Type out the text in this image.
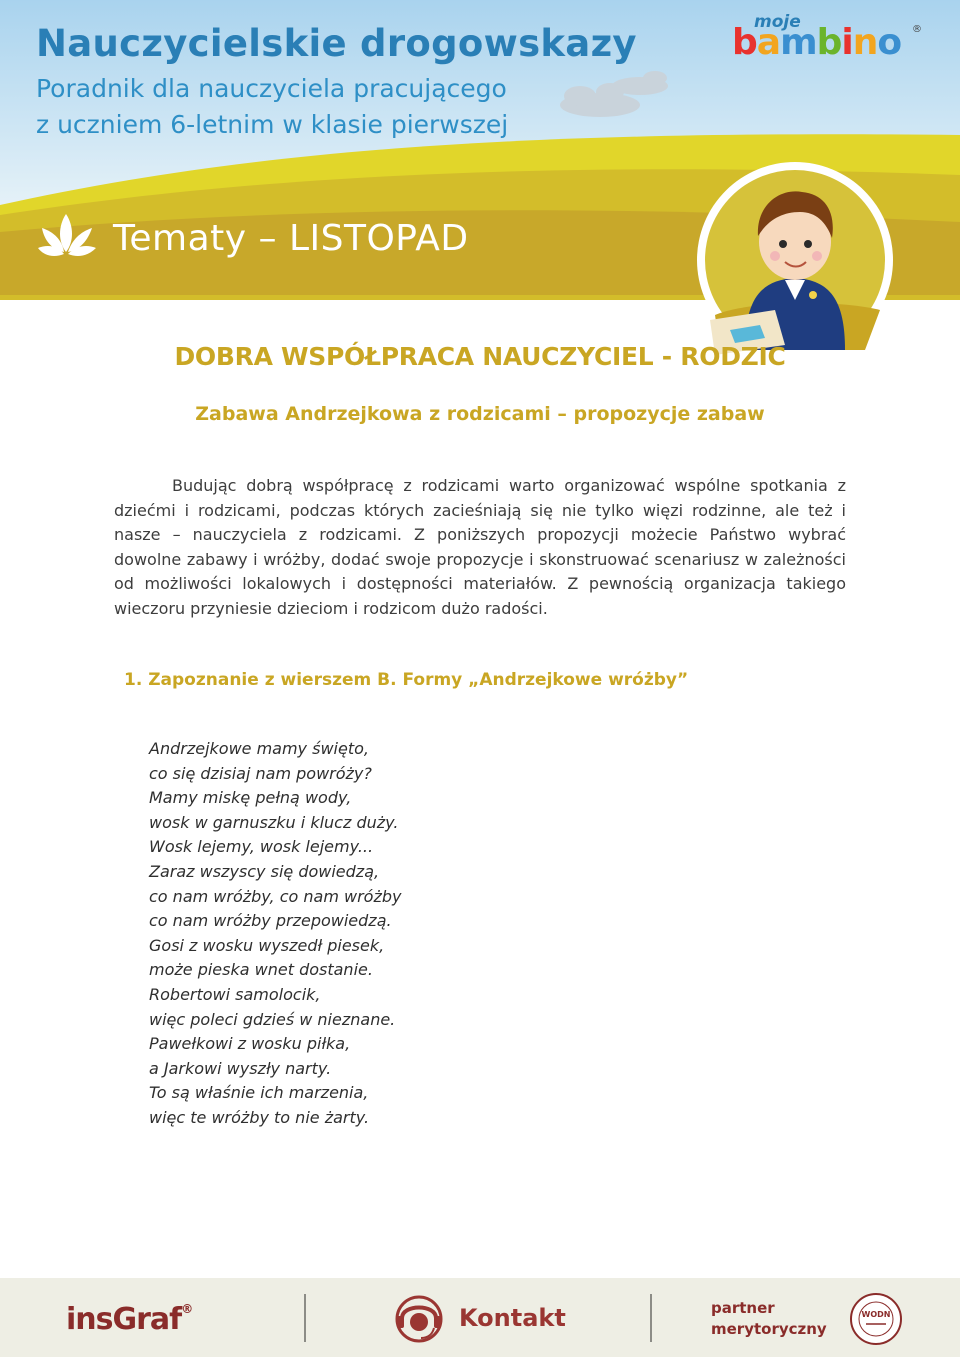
Nauczycielskie drogowskazy
Poradnik dla nauczyciela pracującego
z uczniem 6-letnim w klasie pierwszej
Tematy – LISTOPAD
moje
bambino ®
DOBRA WSPÓŁPRACA NAUCZYCIEL - RODZIC
Zabawa Andrzejkowa z rodzicami – propozycje zabaw

Budując dobrą współpracę z rodzicami warto organizować wspólne spotkania z dziećmi i rodzicami, podczas których zacieśniają się nie tylko więzi rodzinne, ale też i nasze – nauczyciela z rodzicami. Z poniższych propozycji możecie Państwo wybrać dowolne zabawy i wróżby, dodać swoje propozycje i skonstruować scenariusz w zależności od możliwości lokalowych i dostępności materiałów. Z pewnością organizacja takiego wieczoru przyniesie dzieciom i rodzicom dużo radości.

1. Zapoznanie z wierszem B. Formy „Andrzejkowe wróżby”
Andrzejkowe mamy święto,
co się dzisiaj nam powróży?
Mamy miskę pełną wody,
wosk w garnuszku i klucz duży.
Wosk lejemy, wosk lejemy...
Zaraz wszyscy się dowiedzą,
co nam wróżby, co nam wróżby
co nam wróżby przepowiedzą.
Gosi z wosku wyszedł piesek,
może pieska wnet dostanie.
Robertowi samolocik,
więc poleci gdzieś w nieznane.
Pawełkowi z wosku piłka,
a Jarkowi wyszły narty.
To są właśnie ich marzenia,
więc te wróżby to nie żarty.
insGraf®	Kontakt	partner
merytoryczny
WODN
